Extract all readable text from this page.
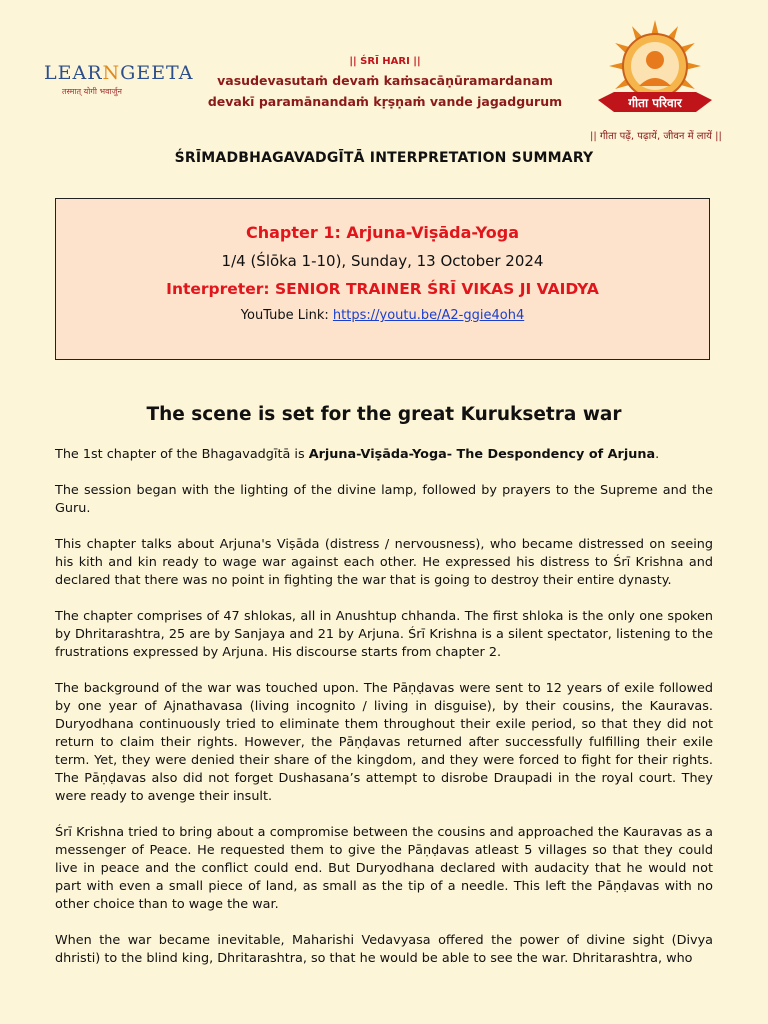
LEARNGEETA
तस्मात् योगी भवार्जुन
|| ŚRĪ HARI ||
vasudevasutaṁ devaṁ kaṁsacāṇūramardanam
devakī paramānandaṁ kṛṣṇaṁ vande jagadgurum	गीता परिवार
|| गीता पढ़ें, पढ़ायें, जीवन में लायें ||
ŚRĪMADBHAGAVADGĪTĀ INTERPRETATION SUMMARY
Chapter 1: Arjuna-Viṣāda-Yoga
1/4 (Ślōka 1-10), Sunday, 13 October 2024
Interpreter: SENIOR TRAINER ŚRĪ VIKAS JI VAIDYA
YouTube Link: https://youtu.be/A2-ggie4oh4
The scene is set for the great Kuruksetra war

The 1st chapter of the Bhagavadgītā is Arjuna-Viṣāda-Yoga- The Despondency of Arjuna.

The session began with the lighting of the divine lamp, followed by prayers to the Supreme and the Guru.

This chapter talks about Arjuna's Viṣāda (distress / nervousness), who became distressed on seeing his kith and kin ready to wage war against each other. He expressed his distress to Śrī Krishna and declared that there was no point in fighting the war that is going to destroy their entire dynasty.

The chapter comprises of 47 shlokas, all in Anushtup chhanda. The first shloka is the only one spoken by Dhritarashtra, 25 are by Sanjaya and 21 by Arjuna. Śrī Krishna is a silent spectator, listening to the frustrations expressed by Arjuna. His discourse starts from chapter 2.

The background of the war was touched upon. The Pāṇḍavas were sent to 12 years of exile followed by one year of Ajnathavasa (living incognito / living in disguise), by their cousins, the Kauravas. Duryodhana continuously tried to eliminate them throughout their exile period, so that they did not return to claim their rights. However, the Pāṇḍavas returned after successfully fulfilling their exile term. Yet, they were denied their share of the kingdom, and they were forced to fight for their rights. The Pāṇḍavas also did not forget Dushasana’s attempt to disrobe Draupadi in the royal court. They were ready to avenge their insult.

Śrī Krishna tried to bring about a compromise between the cousins and approached the Kauravas as a messenger of Peace. He requested them to give the Pāṇḍavas atleast 5 villages so that they could live in peace and the conflict could end. But Duryodhana declared with audacity that he would not part with even a small piece of land, as small as the tip of a needle. This left the Pāṇḍavas with no other choice than to wage the war.

When the war became inevitable, Maharishi Vedavyasa offered the power of divine sight (Divya dhristi) to the blind king, Dhritarashtra, so that he would be able to see the war. Dhritarashtra, who
